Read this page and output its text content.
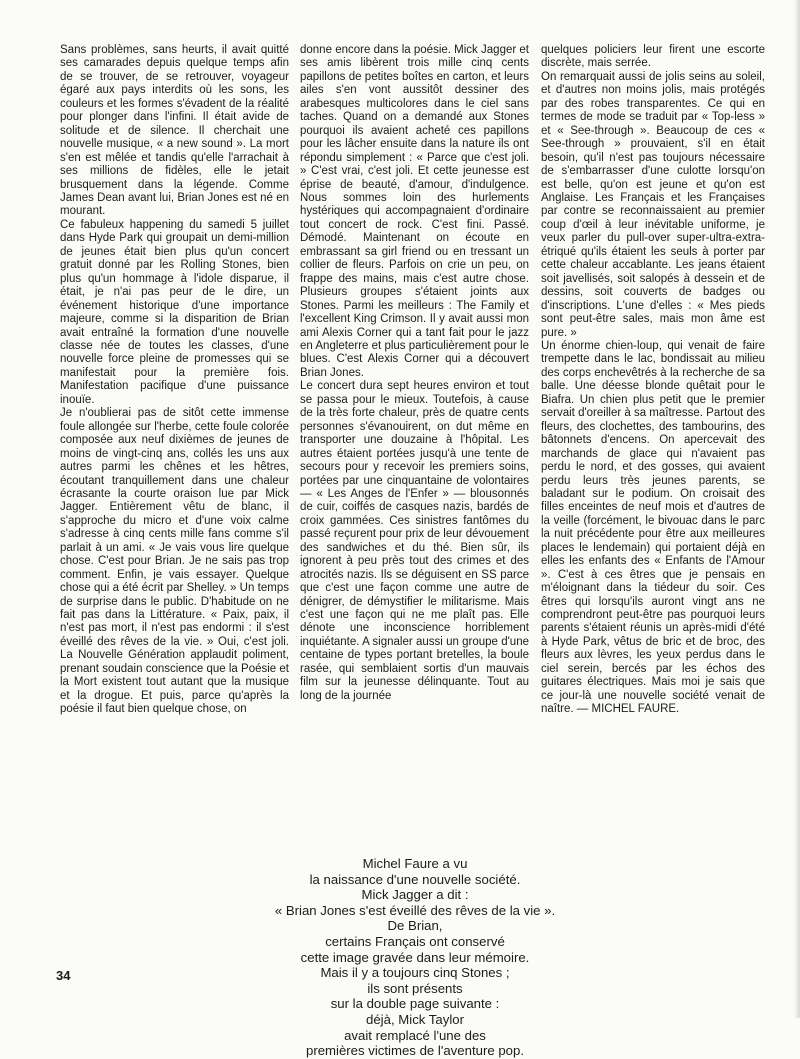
Sans problèmes, sans heurts, il avait quitté ses camarades depuis quelque temps afin de se trouver, de se retrouver, voyageur égaré aux pays interdits où les sons, les couleurs et les formes s'évadent de la réalité pour plonger dans l'infini. Il était avide de solitude et de silence. Il cherchait une nouvelle musique, « a new sound ». La mort s'en est mêlée et tandis qu'elle l'arrachait à ses millions de fidèles, elle le jetait brusquement dans la légende. Comme James Dean avant lui, Brian Jones est né en mourant.

Ce fabuleux happening du samedi 5 juillet dans Hyde Park qui groupait un demi-million de jeunes était bien plus qu'un concert gratuit donné par les Rolling Stones, bien plus qu'un hommage à l'idole disparue, il était, je n'ai pas peur de le dire, un événement historique d'une importance majeure, comme si la disparition de Brian avait entraîné la formation d'une nouvelle classe née de toutes les classes, d'une nouvelle force pleine de promesses qui se manifestait pour la première fois. Manifestation pacifique d'une puissance inouïe.

Je n'oublierai pas de sitôt cette immense foule allongée sur l'herbe, cette foule colorée composée aux neuf dixièmes de jeunes de moins de vingt-cinq ans, collés les uns aux autres parmi les chênes et les hêtres, écoutant tranquillement dans une chaleur écrasante la courte oraison lue par Mick Jagger. Entièrement vêtu de blanc, il s'approche du micro et d'une voix calme s'adresse à cinq cents mille fans comme s'il parlait à un ami. « Je vais vous lire quelque chose. C'est pour Brian. Je ne sais pas trop comment. Enfin, je vais essayer. Quelque chose qui a été écrit par Shelley. » Un temps de surprise dans le public. D'habitude on ne fait pas dans la Littérature. « Paix, paix, il n'est pas mort, il n'est pas endormi : il s'est éveillé des rêves de la vie. » Oui, c'est joli. La Nouvelle Génération applaudit poliment, prenant soudain conscience que la Poésie et la Mort existent tout autant que la musique et la drogue. Et puis, parce qu'après la poésie il faut bien quelque chose, on

donne encore dans la poésie. Mick Jagger et ses amis libèrent trois mille cinq cents papillons de petites boîtes en carton, et leurs ailes s'en vont aussitôt dessiner des arabesques multicolores dans le ciel sans taches. Quand on a demandé aux Stones pourquoi ils avaient acheté ces papillons pour les lâcher ensuite dans la nature ils ont répondu simplement : « Parce que c'est joli. » C'est vrai, c'est joli. Et cette jeunesse est éprise de beauté, d'amour, d'indulgence. Nous sommes loin des hurlements hystériques qui accompagnaient d'ordinaire tout concert de rock. C'est fini. Passé. Démodé. Maintenant on écoute en embrassant sa girl friend ou en tressant un collier de fleurs. Parfois on crie un peu, on frappe des mains, mais c'est autre chose. Plusieurs groupes s'étaient joints aux Stones. Parmi les meilleurs : The Family et l'excellent King Crimson. Il y avait aussi mon ami Alexis Corner qui a tant fait pour le jazz en Angleterre et plus particulièrement pour le blues. C'est Alexis Corner qui a découvert Brian Jones.

Le concert dura sept heures environ et tout se passa pour le mieux. Toutefois, à cause de la très forte chaleur, près de quatre cents personnes s'évanouirent, on dut même en transporter une douzaine à l'hôpital. Les autres étaient portées jusqu'à une tente de secours pour y recevoir les premiers soins, portées par une cinquantaine de volontaires — « Les Anges de l'Enfer » — blousonnés de cuir, coiffés de casques nazis, bardés de croix gammées. Ces sinistres fantômes du passé reçurent pour prix de leur dévouement des sandwiches et du thé. Bien sûr, ils ignorent à peu près tout des crimes et des atrocités nazis. Ils se déguisent en SS parce que c'est une façon comme une autre de dénigrer, de démystifier le militarisme. Mais c'est une façon qui ne me plaît pas. Elle dénote une inconscience horriblement inquiétante. A signaler aussi un groupe d'une centaine de types portant bretelles, la boule rasée, qui semblaient sortis d'un mauvais film sur la jeunesse délinquante. Tout au long de la journée

quelques policiers leur firent une escorte discrète, mais serrée.

On remarquait aussi de jolis seins au soleil, et d'autres non moins jolis, mais protégés par des robes transparentes. Ce qui en termes de mode se traduit par « Top-less » et « See-through ». Beaucoup de ces « See-through » prouvaient, s'il en était besoin, qu'il n'est pas toujours nécessaire de s'embarrasser d'une culotte lorsqu'on est belle, qu'on est jeune et qu'on est Anglaise. Les Français et les Françaises par contre se reconnaissaient au premier coup d'œil à leur inévitable uniforme, je veux parler du pull-over super-ultra-extra-étriqué qu'ils étaient les seuls à porter par cette chaleur accablante. Les jeans étaient soit javellisés, soit salopés à dessein et de dessins, soit couverts de badges ou d'inscriptions. L'une d'elles : « Mes pieds sont peut-être sales, mais mon âme est pure. »

Un énorme chien-loup, qui venait de faire trempette dans le lac, bondissait au milieu des corps enchevêtrés à la recherche de sa balle. Une déesse blonde quêtait pour le Biafra. Un chien plus petit que le premier servait d'oreiller à sa maîtresse. Partout des fleurs, des clochettes, des tambourins, des bâtonnets d'encens. On apercevait des marchands de glace qui n'avaient pas perdu le nord, et des gosses, qui avaient perdu leurs très jeunes parents, se baladant sur le podium. On croisait des filles enceintes de neuf mois et d'autres de la veille (forcément, le bivouac dans le parc la nuit précédente pour être aux meilleures places le lendemain) qui portaient déjà en elles les enfants des « Enfants de l'Amour ». C'est à ces êtres que je pensais en m'éloignant dans la tiédeur du soir. Ces êtres qui lorsqu'ils auront vingt ans ne comprendront peut-être pas pourquoi leurs parents s'étaient réunis un après-midi d'été à Hyde Park, vêtus de bric et de broc, des fleurs aux lèvres, les yeux perdus dans le ciel serein, bercés par les échos des guitares électriques. Mais moi je sais que ce jour-là une nouvelle société venait de naître. — MICHEL FAURE.

Michel Faure a vu
la naissance d'une nouvelle société.
Mick Jagger a dit :
« Brian Jones s'est éveillé des rêves de la vie ».
De Brian,
certains Français ont conservé
cette image gravée dans leur mémoire.
Mais il y a toujours cinq Stones ;
ils sont présents
sur la double page suivante :
déjà, Mick Taylor
avait remplacé l'une des
premières victimes de l'aventure pop.
34
